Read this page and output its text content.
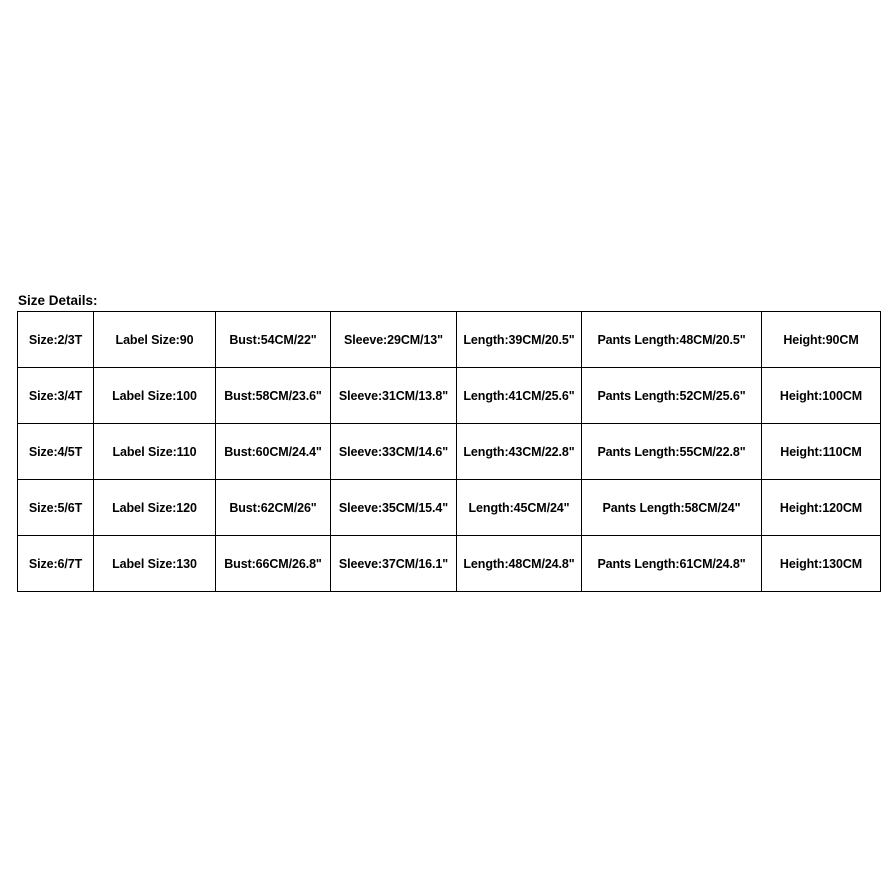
Size Details:
Size:2/3T	Label Size:90	Bust:54CM/22"	Sleeve:29CM/13"	Length:39CM/20.5"	Pants Length:48CM/20.5"	Height:90CM
Size:3/4T	Label Size:100	Bust:58CM/23.6"	Sleeve:31CM/13.8"	Length:41CM/25.6"	Pants Length:52CM/25.6"	Height:100CM
Size:4/5T	Label Size:110	Bust:60CM/24.4"	Sleeve:33CM/14.6"	Length:43CM/22.8"	Pants Length:55CM/22.8"	Height:110CM
Size:5/6T	Label Size:120	Bust:62CM/26"	Sleeve:35CM/15.4"	Length:45CM/24"	Pants Length:58CM/24"	Height:120CM
Size:6/7T	Label Size:130	Bust:66CM/26.8"	Sleeve:37CM/16.1"	Length:48CM/24.8"	Pants Length:61CM/24.8"	Height:130CM
